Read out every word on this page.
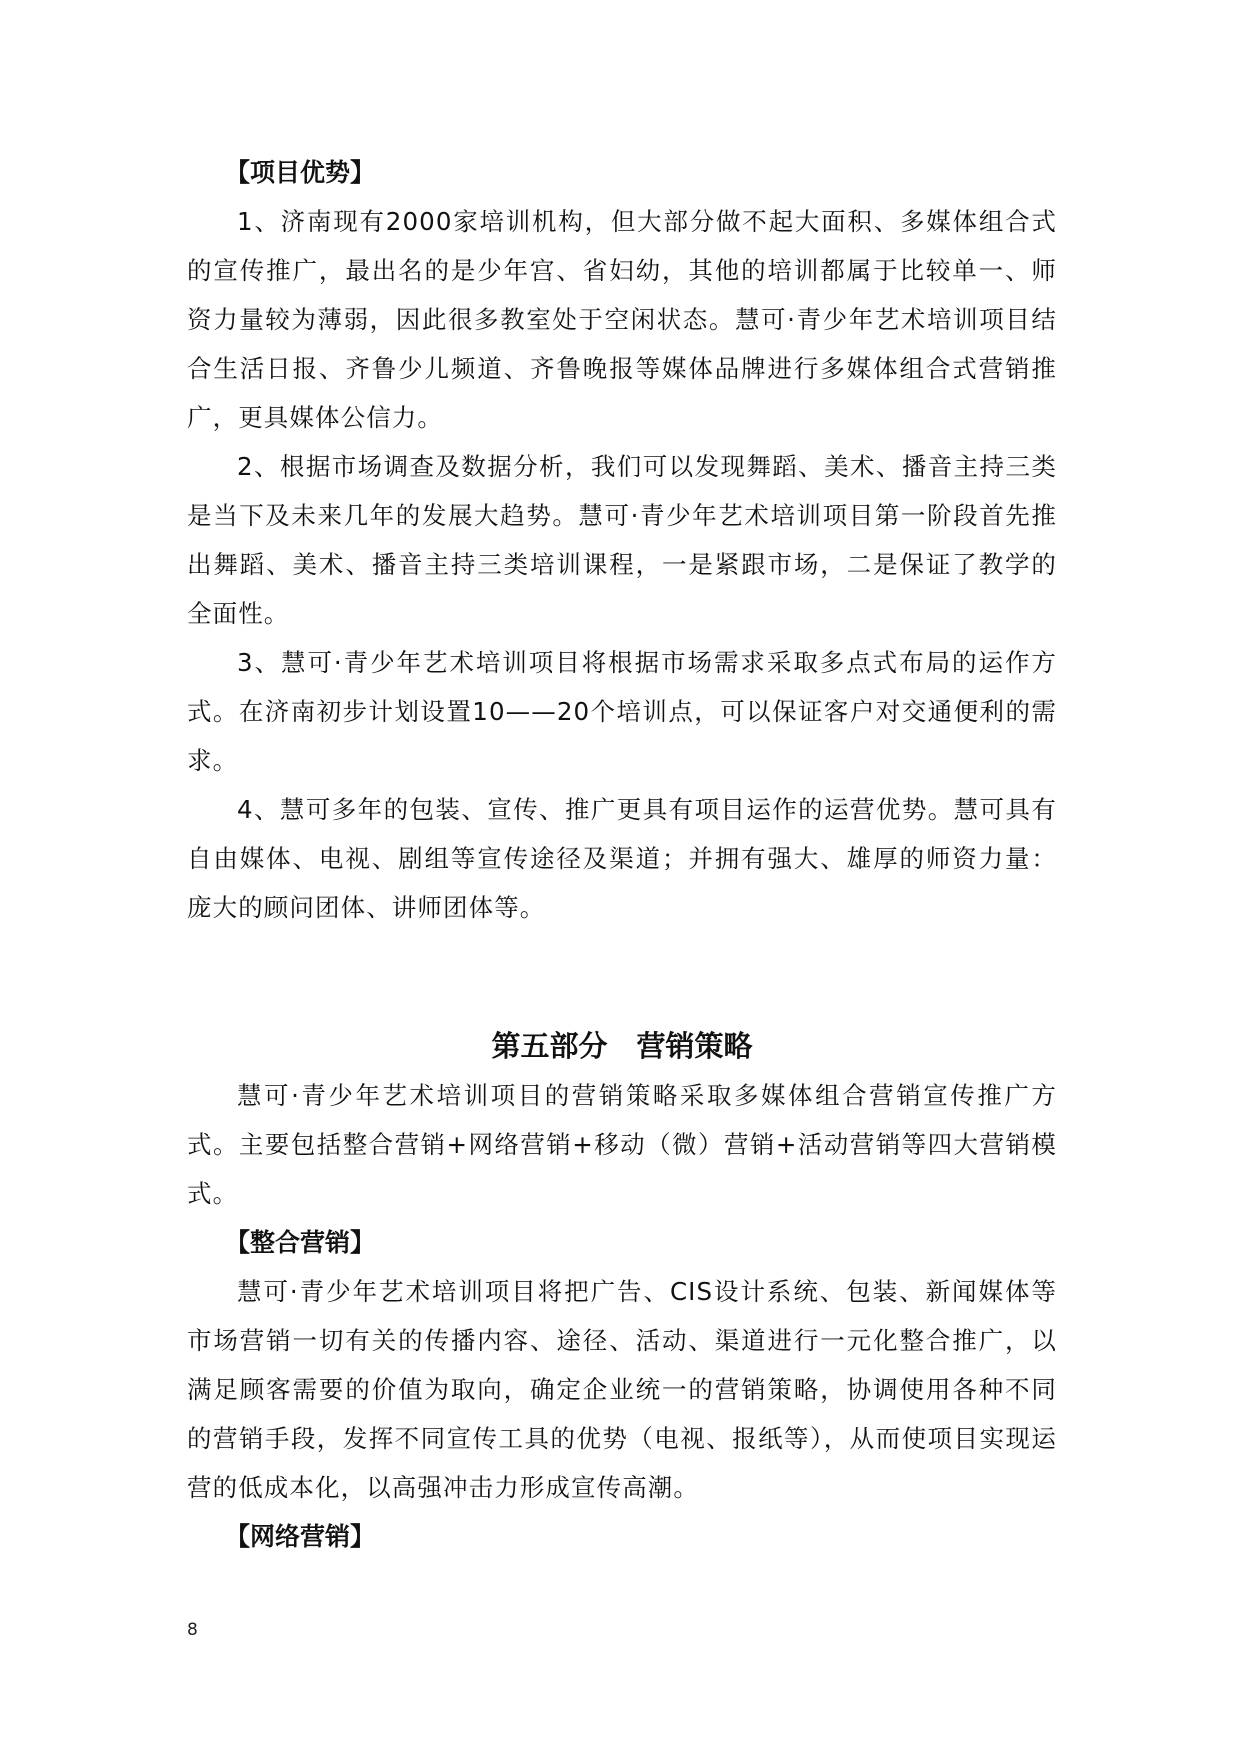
【项目优势】

1、济南现有2000家培训机构，但大部分做不起大面积、多媒体组合式的宣传推广，最出名的是少年宫、省妇幼，其他的培训都属于比较单一、师资力量较为薄弱，因此很多教室处于空闲状态。慧可·青少年艺术培训项目结合生活日报、齐鲁少儿频道、齐鲁晚报等媒体品牌进行多媒体组合式营销推广，更具媒体公信力。

2、根据市场调查及数据分析，我们可以发现舞蹈、美术、播音主持三类是当下及未来几年的发展大趋势。慧可·青少年艺术培训项目第一阶段首先推出舞蹈、美术、播音主持三类培训课程，一是紧跟市场，二是保证了教学的全面性。

3、慧可·青少年艺术培训项目将根据市场需求采取多点式布局的运作方式。在济南初步计划设置10——20个培训点，可以保证客户对交通便利的需求。

4、慧可多年的包装、宣传、推广更具有项目运作的运营优势。慧可具有自由媒体、电视、剧组等宣传途径及渠道；并拥有强大、雄厚的师资力量：庞大的顾问团体、讲师团体等。

第五部分　营销策略

慧可·青少年艺术培训项目的营销策略采取多媒体组合营销宣传推广方式。主要包括整合营销+网络营销+移动（微）营销+活动营销等四大营销模式。

【整合营销】

慧可·青少年艺术培训项目将把广告、CIS设计系统、包装、新闻媒体等市场营销一切有关的传播内容、途径、活动、渠道进行一元化整合推广，以满足顾客需要的价值为取向，确定企业统一的营销策略，协调使用各种不同的营销手段，发挥不同宣传工具的优势（电视、报纸等），从而使项目实现运营的低成本化，以高强冲击力形成宣传高潮。

【网络营销】

8
